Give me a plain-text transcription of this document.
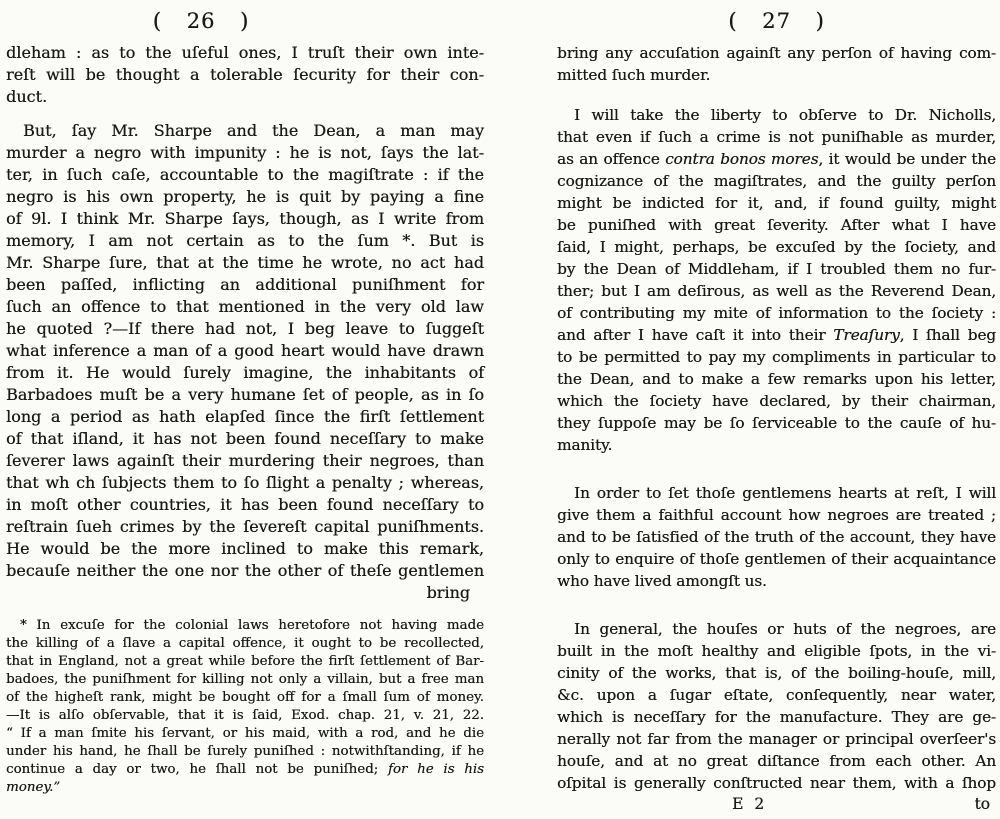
( 26 )
dleham : as to the uſeful ones, I truſt their own inte-
reſt will be thought a tolerable ſecurity for their con-
duct.
But, ſay Mr. Sharpe and the Dean, a man may
murder a negro with impunity : he is not, ſays the lat-
ter, in ſuch caſe, accountable to the magiſtrate : if the
negro is his own property, he is quit by paying a fine
of 9l. I think Mr. Sharpe ſays, though, as I write from
memory, I am not certain as to the ſum *. But is
Mr. Sharpe ſure, that at the time he wrote, no act had
been paſſed, inflicting an additional puniſhment for
ſuch an offence to that mentioned in the very old law
he quoted ?—If there had not, I beg leave to ſuggeſt
what inference a man of a good heart would have drawn
from it. He would ſurely imagine, the inhabitants of
Barbadoes muſt be a very humane ſet of people, as in ſo
long a period as hath elapſed ſince the firſt ſettlement
of that iſland, it has not been found neceſſary to make
ſeverer laws againſt their murdering their negroes, than
that wh ch ſubjects them to ſo ſlight a penalty ; whereas,
in moſt other countries, it has been found neceſſary to
reſtrain ſueh crimes by the ſevereſt capital puniſhments.
He would be the more inclined to make this remark,
becauſe neither the one nor the other of theſe gentlemen
bring
* In excuſe for the colonial laws heretofore not having made
the killing of a ſlave a capital offence, it ought to be recollected,
that in England, not a great while before the firſt ſettlement of Bar-
badoes, the puniſhment for killing not only a villain, but a free man
of the higheſt rank, might be bought off for a ſmall ſum of money.
—It is alſo obſervable, that it is ſaid, Exod. chap. 21, v. 21, 22.
“ If a man ſmite his ſervant, or his maid, with a rod, and he die
under his hand, he ſhall be ſurely puniſhed : notwithſtanding, if he
continue a day or two, he ſhall not be puniſhed; for he is his
money.”
( 27 )
bring any accuſation againſt any perſon of having com-
mitted ſuch murder.
I will take the liberty to obſerve to Dr. Nicholls,
that even if ſuch a crime is not puniſhable as murder,
as an offence contra bonos mores, it would be under the
cognizance of the magiſtrates, and the guilty perſon
might be indicted for it, and, if found guilty, might
be puniſhed with great ſeverity. After what I have
ſaid, I might, perhaps, be excuſed by the ſociety, and
by the Dean of Middleham, if I troubled them no fur-
ther; but I am deſirous, as well as the Reverend Dean,
of contributing my mite of information to the ſociety :
and after I have caſt it into their Treaſury, I ſhall beg
to be permitted to pay my compliments in particular to
the Dean, and to make a few remarks upon his letter,
which the ſociety have declared, by their chairman,
they ſuppoſe may be ſo ſerviceable to the cauſe of hu-
manity.
In order to ſet thoſe gentlemens hearts at reſt, I will
give them a faithful account how negroes are treated ;
and to be ſatisfied of the truth of the account, they have
only to enquire of thoſe gentlemen of their acquaintance
who have lived amongſt us.
In general, the houſes or huts of the negroes, are
built in the moſt healthy and eligible ſpots, in the vi-
cinity of the works, that is, of the boiling-houſe, mill,
&c. upon a ſugar eſtate, conſequently, near water,
which is neceſſary for the manufacture. They are ge-
nerally not far from the manager or principal overſeer's
houſe, and at no great diſtance from each other. An
oſpital is generally conſtructed near them, with a ſhop
E 2	to
